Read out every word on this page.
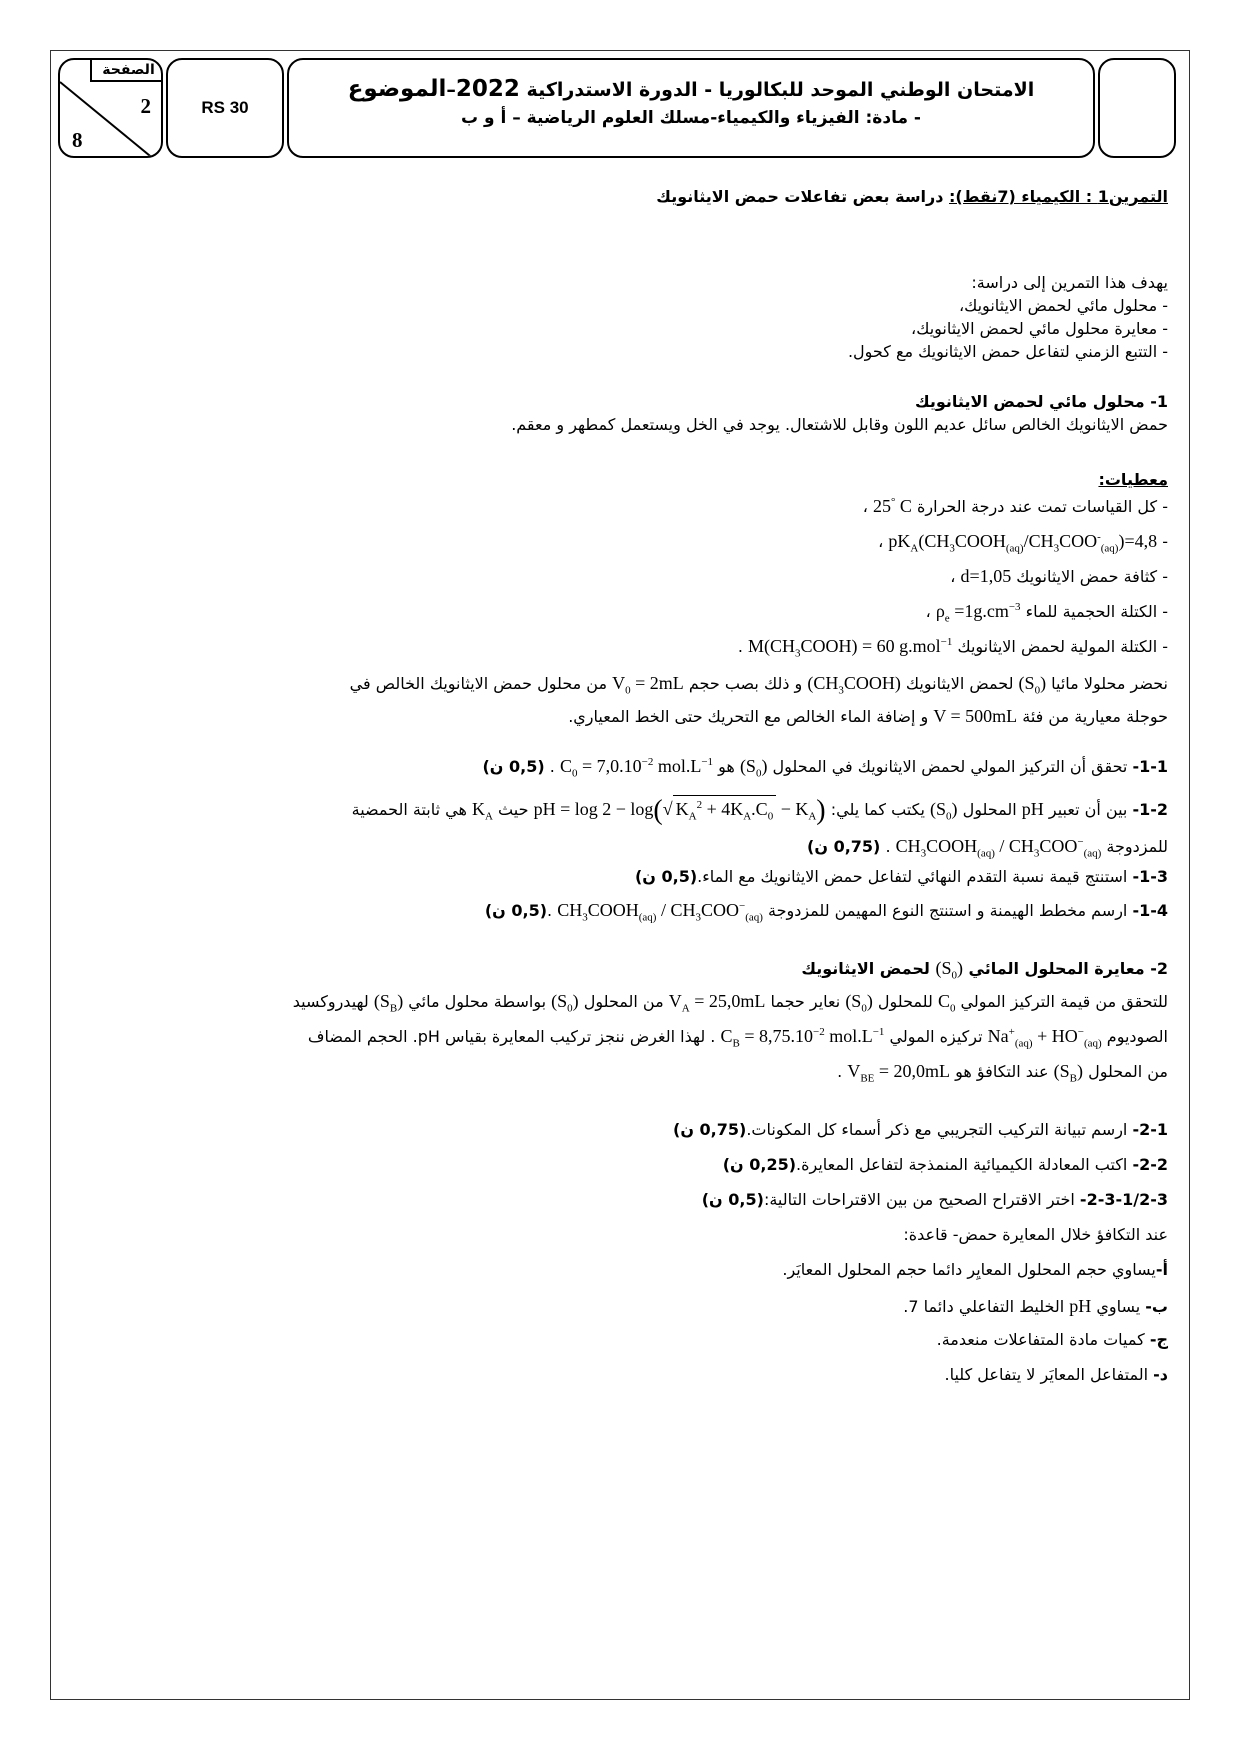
الصفحة
2
8
RS 30
الامتحان الوطني الموحد للبكالوريا - الدورة الاستدراكية 2022–الموضوع
- مادة: الفيزياء والكيمياء-مسلك العلوم الرياضية – أ و ب
التمرين1 : الكيمياء (7نقط): دراسة بعض تفاعلات حمض الايثانويك
يهدف هذا التمرين إلى دراسة:
- محلول مائي لحمض الايثانويك،
- معايرة محلول مائي لحمض الايثانويك،
- التتبع الزمني لتفاعل حمض الايثانويك مع كحول.
1- محلول مائي لحمض الايثانويك
حمض الايثانويك الخالص سائل عديم اللون وقابل للاشتعال. يوجد في الخل ويستعمل كمطهر و معقم.
معطيات:
- كل القياسات تمت عند درجة الحرارة 25° C ،
- $pK_A(CH_3COOH_{(aq)}/CH_3COO^-_{(aq)})=4,8$ ،
- كثافة حمض الايثانويك d=1,05 ،
- الكتلة الحجمية للماء $\rho_e =1g.cm^{-3}$ ،
- الكتلة المولية لحمض الايثانويك $M(CH_3COOH) = 60$ g.mol$^{-1}$ .
نحضر محلولا مائيا $(S_0)$ لحمض الايثانويك $(CH_3COOH)$ و ذلك بصب حجم $V_0 = 2mL$ من محلول حمض الايثانويك الخالص في
حوجلة معيارية من فئة V = 500mL و إضافة الماء الخالص مع التحريك حتى الخط المعياري.
1-1- تحقق أن التركيز المولي لحمض الايثانويك في المحلول $(S_0)$ هو $C_0 = 7,0.10^{-2}$ $mol.L^{-1}$ . (0,5 ن)
1-2- بين أن تعبير pH المحلول $(S_0)$ يكتب كما يلي: pH = log 2 − log(√ $K_A^2 + 4K_A.C_0 - K_A$) حيث $K_A$ هي ثابتة الحمضية
للمزدوجة $CH_3COOH_{(aq)} / CH_3COO^-_{(aq)}$ . (0,75 ن)
1-3- استنتج قيمة نسبة التقدم النهائي لتفاعل حمض الايثانويك مع الماء.(0,5 ن)
1-4- ارسم مخطط الهيمنة و استنتج النوع المهيمن للمزدوجة $CH_3COOH_{(aq)} / CH_3COO^-_{(aq)}$ .(0,5 ن)
2- معايرة المحلول المائي $(S_0)$ لحمض الايثانويك
للتحقق من قيمة التركيز المولي $C_0$ للمحلول $(S_0)$ نعاير حجما $V_A = 25,0mL$ من المحلول $(S_0)$ بواسطة محلول مائي $(S_B)$ لهيدروكسيد
الصوديوم $Na^+_{(aq)} + HO^-_{(aq)}$ تركيزه المولي $C_B = 8,75.10^{-2}$ $mol.L^{-1}$ . لهذا الغرض ننجز تركيب المعايرة بقياس pH. الحجم المضاف
من المحلول $(S_B)$ عند التكافؤ هو $V_{BE} = 20,0mL$ .
2-1- ارسم تبيانة التركيب التجريبي مع ذكر أسماء كل المكونات.(0,75 ن)
2-2- اكتب المعادلة الكيميائية المنمذجة لتفاعل المعايرة.(0,25 ن)
2-3-1/2-3- اختر الاقتراح الصحيح من بين الاقتراحات التالية:(0,5 ن)
عند التكافؤ خلال المعايرة حمض- قاعدة:
أ-يساوي حجم المحلول المعايِر دائما حجم المحلول المعايَر.
ب- يساوي pH الخليط التفاعلي دائما 7.
ج- كميات مادة المتفاعلات منعدمة.
د- المتفاعل المعايَر لا يتفاعل كليا.
